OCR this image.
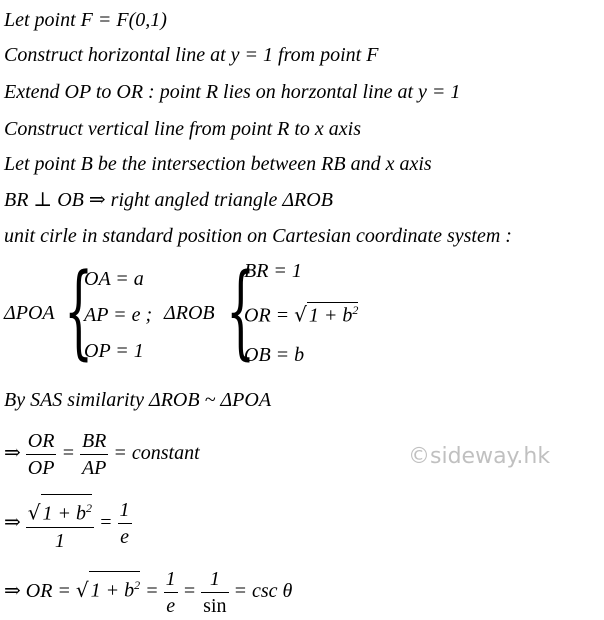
Let point F = F(0,1)
Construct horizontal line at y = 1 from point F
Extend OP to OR : point R lies on horzontal line at y = 1
Construct vertical line from point R to x axis
Let point B be the intersection between RB and x axis
BR ⊥ OB ⇒ right angled triangle ΔROB
unit cirle in standard position on Cartesian coordinate system :
ΔPOA {
OA = a
AP = e ;
OP = 1
ΔROB {
BR = 1
OR = √ $1 + b^2$
OB = b
By SAS similarity ΔROB ~ ΔPOA
⇒ $\frac{OR}{OP} = \frac{BR}{AP}$ = constant
⇒ $\frac{√ 1 + b^2}{1} = \frac{1}{e}$
⇒ OR = √ $1 + b^2 = \frac{1}{e} = \frac{1}{\sin} = \csc \theta$
©sideway.hk
